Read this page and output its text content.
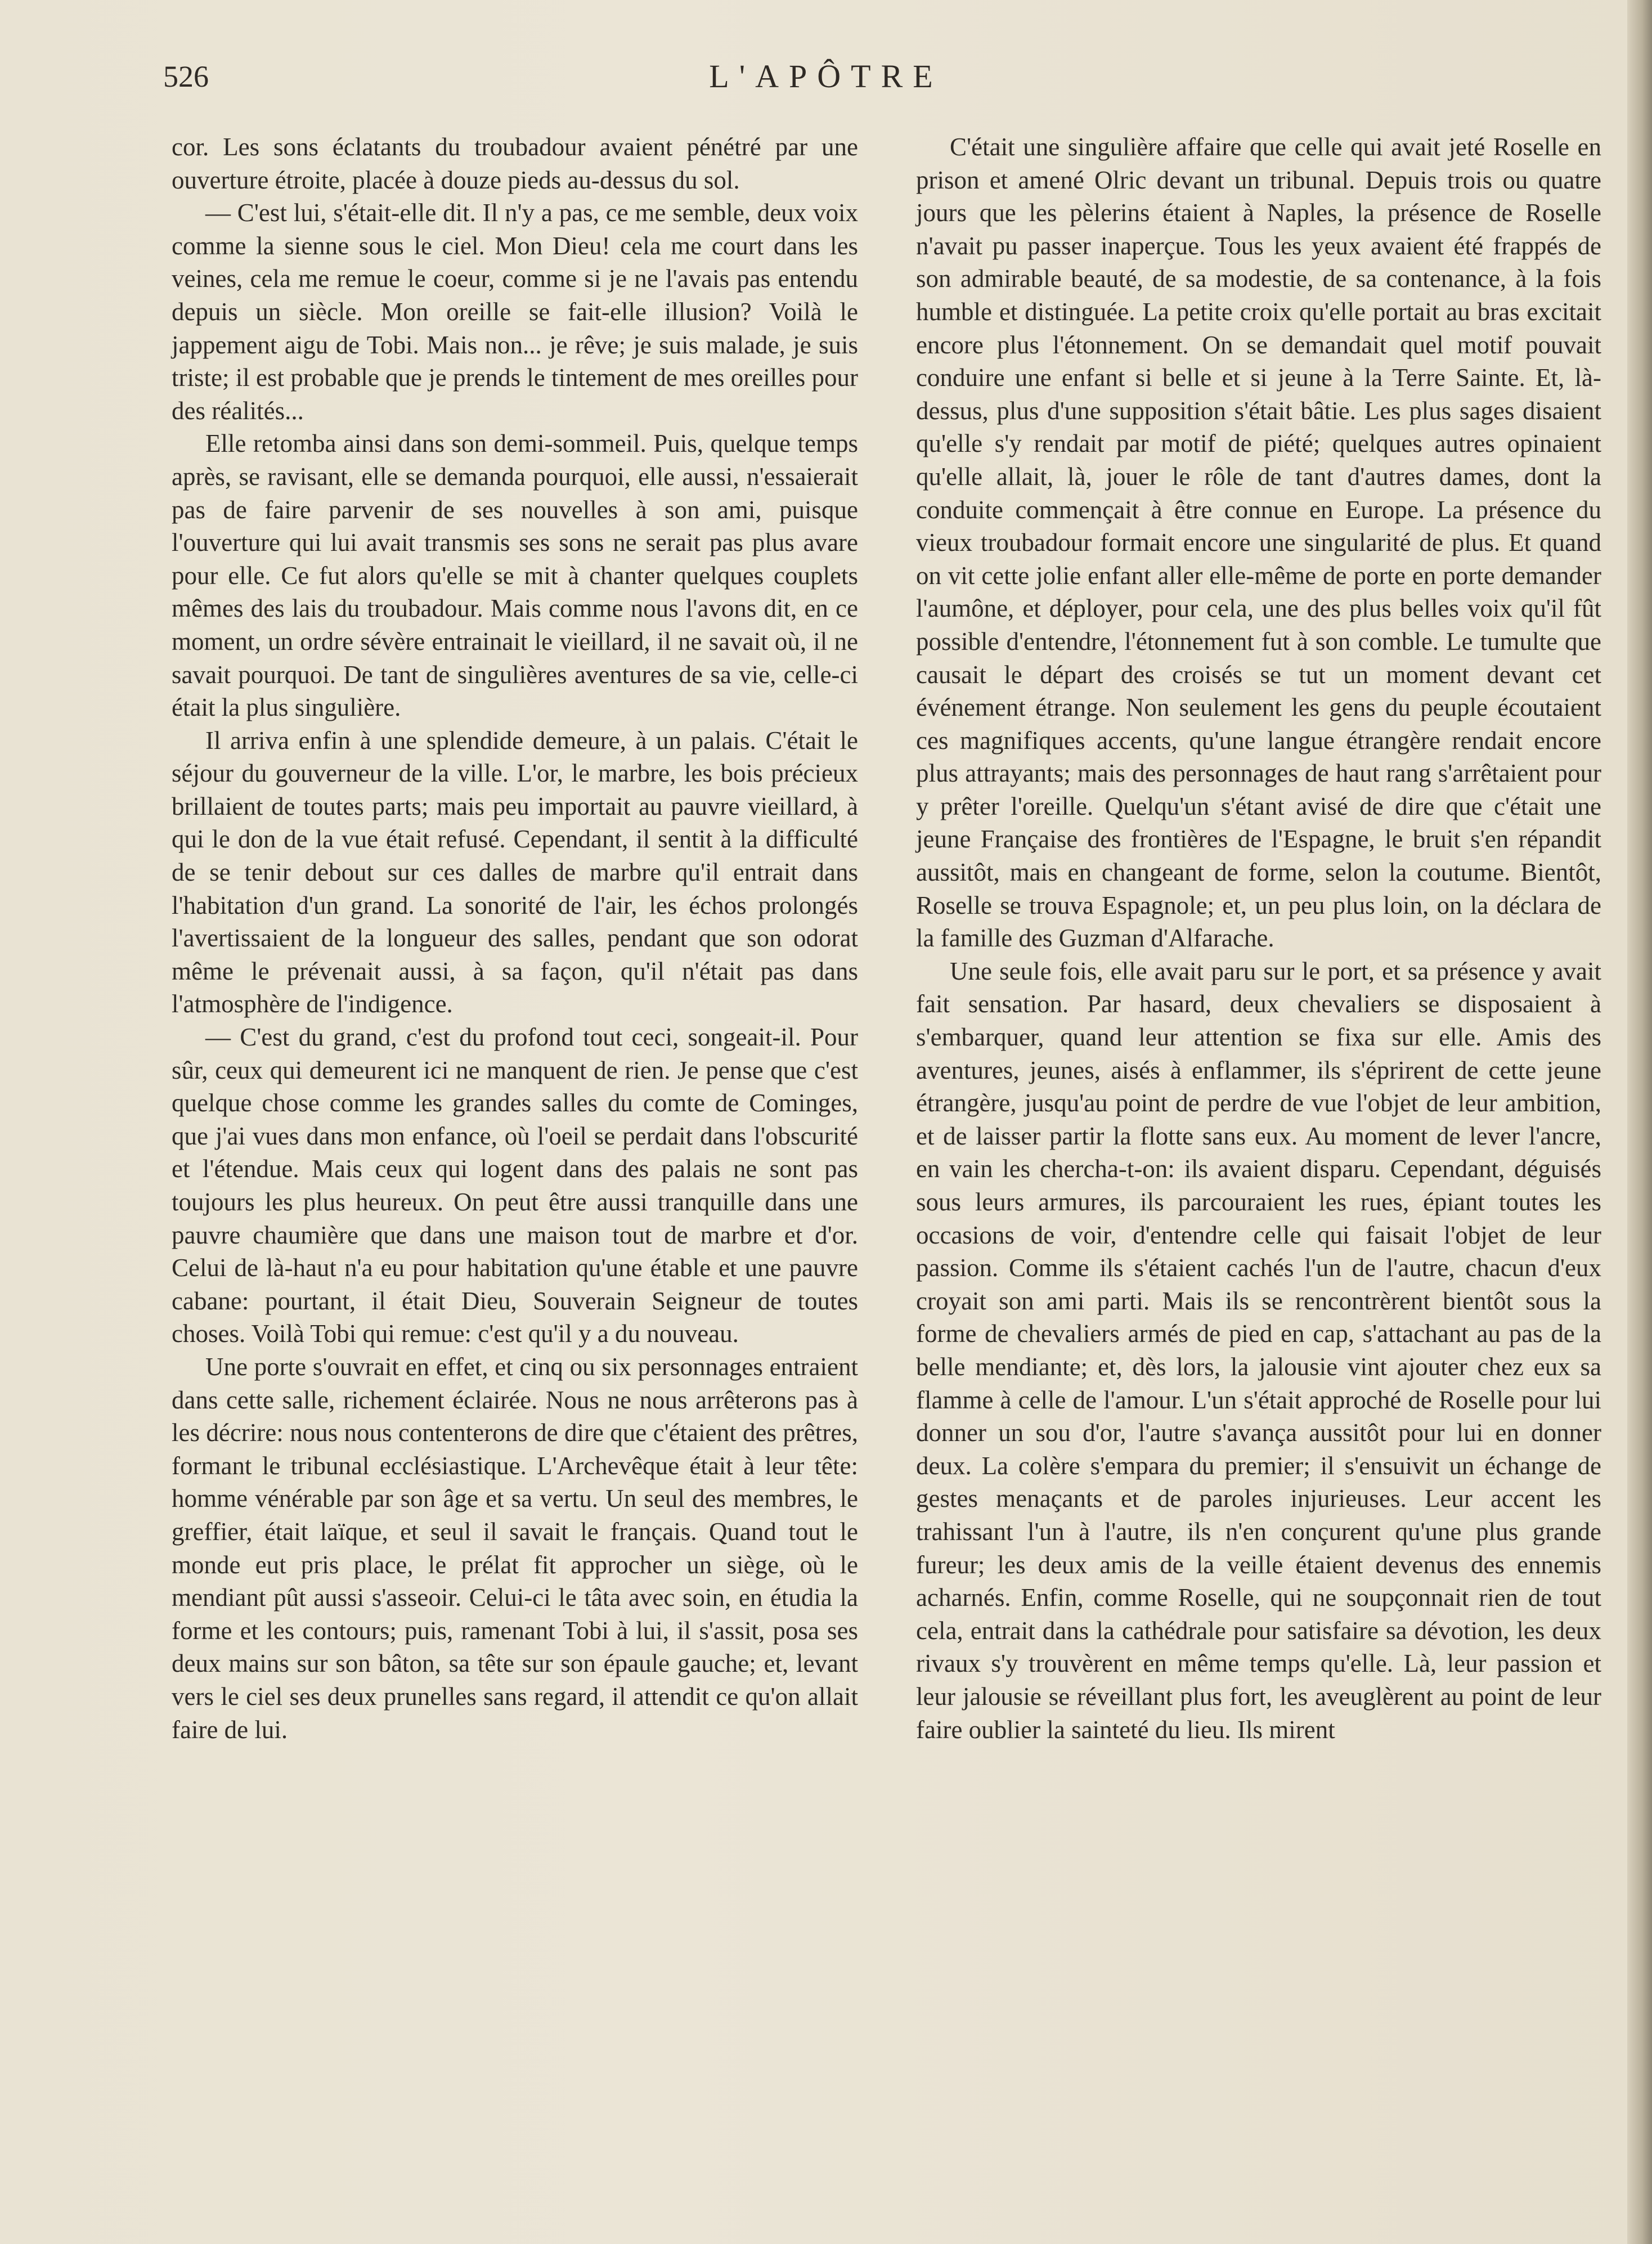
526	L'APÔTRE

cor. Les sons éclatants du troubadour avaient pénétré par une ouverture étroite, placée à douze pieds au-dessus du sol.

— C'est lui, s'était-elle dit. Il n'y a pas, ce me semble, deux voix comme la sienne sous le ciel. Mon Dieu! cela me court dans les veines, cela me remue le coeur, comme si je ne l'avais pas entendu depuis un siècle. Mon oreille se fait-elle illusion? Voilà le jappement aigu de Tobi. Mais non... je rêve; je suis malade, je suis triste; il est probable que je prends le tintement de mes oreilles pour des réalités...

Elle retomba ainsi dans son demi-sommeil. Puis, quelque temps après, se ravisant, elle se demanda pourquoi, elle aussi, n'essaierait pas de faire parvenir de ses nouvelles à son ami, puisque l'ouverture qui lui avait transmis ses sons ne serait pas plus avare pour elle. Ce fut alors qu'elle se mit à chanter quelques couplets mêmes des lais du troubadour. Mais comme nous l'avons dit, en ce moment, un ordre sévère entrainait le vieillard, il ne savait où, il ne savait pourquoi. De tant de singulières aventures de sa vie, celle-ci était la plus singulière.

Il arriva enfin à une splendide demeure, à un palais. C'était le séjour du gouverneur de la ville. L'or, le marbre, les bois précieux brillaient de toutes parts; mais peu importait au pauvre vieillard, à qui le don de la vue était refusé. Cependant, il sentit à la difficulté de se tenir debout sur ces dalles de marbre qu'il entrait dans l'habitation d'un grand. La sonorité de l'air, les échos prolongés l'avertissaient de la longueur des salles, pendant que son odorat même le prévenait aussi, à sa façon, qu'il n'était pas dans l'atmosphère de l'indigence.

— C'est du grand, c'est du profond tout ceci, songeait-il. Pour sûr, ceux qui demeurent ici ne manquent de rien. Je pense que c'est quelque chose comme les grandes salles du comte de Cominges, que j'ai vues dans mon enfance, où l'oeil se perdait dans l'obscurité et l'étendue. Mais ceux qui logent dans des palais ne sont pas toujours les plus heureux. On peut être aussi tranquille dans une pauvre chaumière que dans une maison tout de marbre et d'or. Celui de là-haut n'a eu pour habitation qu'une étable et une pauvre cabane: pourtant, il était Dieu, Souverain Seigneur de toutes choses. Voilà Tobi qui remue: c'est qu'il y a du nouveau.

Une porte s'ouvrait en effet, et cinq ou six personnages entraient dans cette salle, richement éclairée. Nous ne nous arrêterons pas à les décrire: nous nous contenterons de dire que c'étaient des prêtres, formant le tribunal ecclésiastique. L'Archevêque était à leur tête: homme vénérable par son âge et sa vertu. Un seul des membres, le greffier, était laïque, et seul il savait le français. Quand tout le monde eut pris place, le prélat fit approcher un siège, où le mendiant pût aussi s'asseoir. Celui-ci le tâta avec soin, en étudia la forme et les contours; puis, ramenant Tobi à lui, il s'assit, posa ses deux mains sur son bâton, sa tête sur son épaule gauche; et, levant vers le ciel ses deux prunelles sans regard, il attendit ce qu'on allait faire de lui.

C'était une singulière affaire que celle qui avait jeté Roselle en prison et amené Olric devant un tribunal. Depuis trois ou quatre jours que les pèlerins étaient à Naples, la présence de Roselle n'avait pu passer inaperçue. Tous les yeux avaient été frappés de son admirable beauté, de sa modestie, de sa contenance, à la fois humble et distinguée. La petite croix qu'elle portait au bras excitait encore plus l'étonnement. On se demandait quel motif pouvait conduire une enfant si belle et si jeune à la Terre Sainte. Et, là-dessus, plus d'une supposition s'était bâtie. Les plus sages disaient qu'elle s'y rendait par motif de piété; quelques autres opinaient qu'elle allait, là, jouer le rôle de tant d'autres dames, dont la conduite commençait à être connue en Europe. La présence du vieux troubadour formait encore une singularité de plus. Et quand on vit cette jolie enfant aller elle-même de porte en porte demander l'aumône, et déployer, pour cela, une des plus belles voix qu'il fût possible d'entendre, l'étonnement fut à son comble. Le tumulte que causait le départ des croisés se tut un moment devant cet événement étrange. Non seulement les gens du peuple écoutaient ces magnifiques accents, qu'une langue étrangère rendait encore plus attrayants; mais des personnages de haut rang s'arrêtaient pour y prêter l'oreille. Quelqu'un s'étant avisé de dire que c'était une jeune Française des frontières de l'Espagne, le bruit s'en répandit aussitôt, mais en changeant de forme, selon la coutume. Bientôt, Roselle se trouva Espagnole; et, un peu plus loin, on la déclara de la famille des Guzman d'Alfarache.

Une seule fois, elle avait paru sur le port, et sa présence y avait fait sensation. Par hasard, deux chevaliers se disposaient à s'embarquer, quand leur attention se fixa sur elle. Amis des aventures, jeunes, aisés à enflammer, ils s'éprirent de cette jeune étrangère, jusqu'au point de perdre de vue l'objet de leur ambition, et de laisser partir la flotte sans eux. Au moment de lever l'ancre, en vain les chercha-t-on: ils avaient disparu. Cependant, déguisés sous leurs armures, ils parcouraient les rues, épiant toutes les occasions de voir, d'entendre celle qui faisait l'objet de leur passion. Comme ils s'étaient cachés l'un de l'autre, chacun d'eux croyait son ami parti. Mais ils se rencontrèrent bientôt sous la forme de chevaliers armés de pied en cap, s'attachant au pas de la belle mendiante; et, dès lors, la jalousie vint ajouter chez eux sa flamme à celle de l'amour. L'un s'était approché de Roselle pour lui donner un sou d'or, l'autre s'avança aussitôt pour lui en donner deux. La colère s'empara du premier; il s'ensuivit un échange de gestes menaçants et de paroles injurieuses. Leur accent les trahissant l'un à l'autre, ils n'en conçurent qu'une plus grande fureur; les deux amis de la veille étaient devenus des ennemis acharnés. Enfin, comme Roselle, qui ne soupçonnait rien de tout cela, entrait dans la cathédrale pour satisfaire sa dévotion, les deux rivaux s'y trouvèrent en même temps qu'elle. Là, leur passion et leur jalousie se réveillant plus fort, les aveuglèrent au point de leur faire oublier la sainteté du lieu. Ils mirent
